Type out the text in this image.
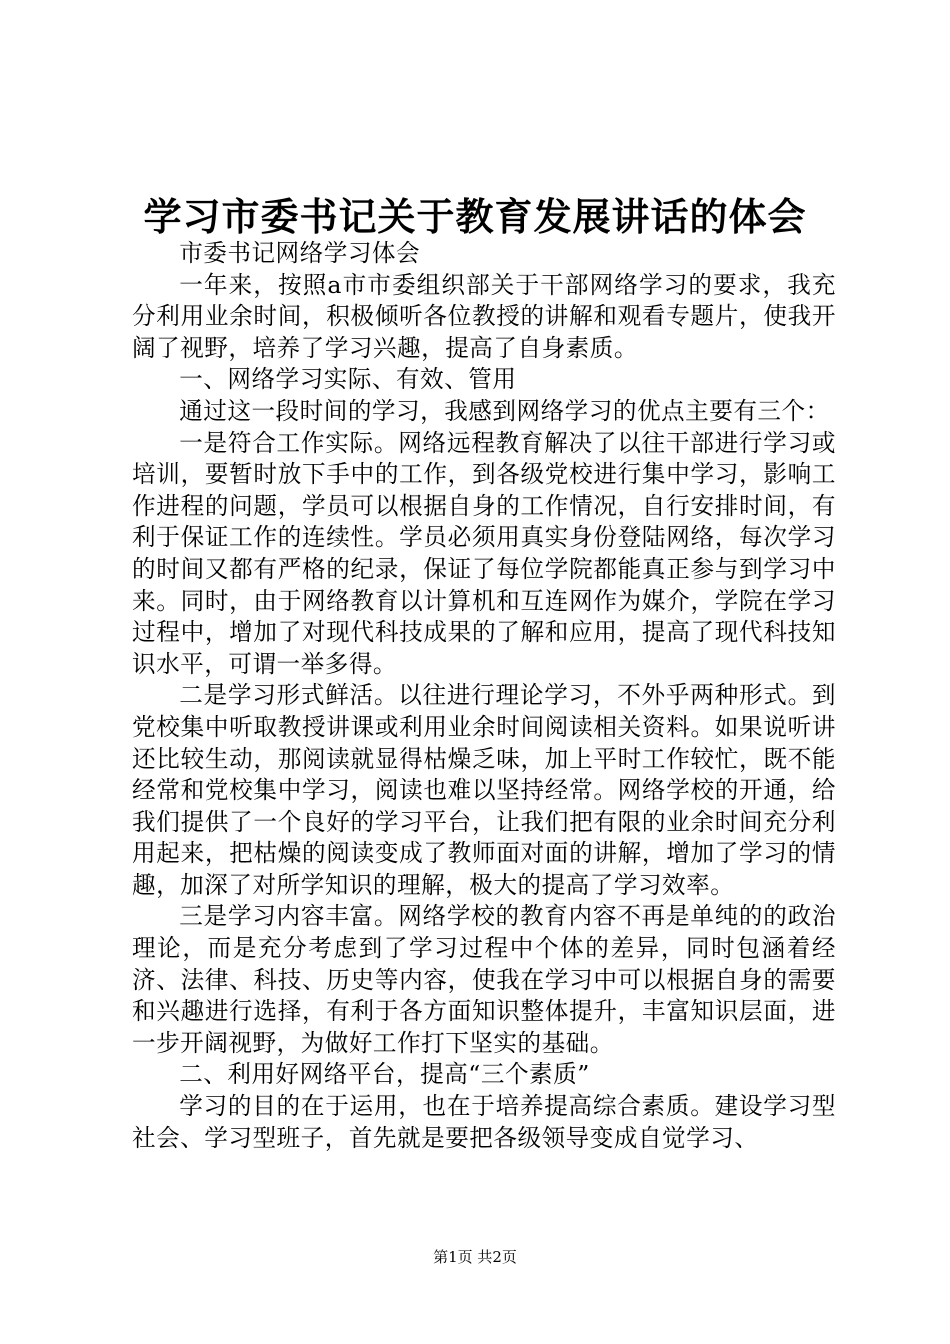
学习市委书记关于教育发展讲话的体会

市委书记网络学习体会

一年来，按照a市市委组织部关于干部网络学习的要求，我充分利用业余时间，积极倾听各位教授的讲解和观看专题片，使我开阔了视野，培养了学习兴趣，提高了自身素质。

一、网络学习实际、有效、管用

通过这一段时间的学习，我感到网络学习的优点主要有三个：

一是符合工作实际。网络远程教育解决了以往干部进行学习或培训，要暂时放下手中的工作，到各级党校进行集中学习，影响工作进程的问题，学员可以根据自身的工作情况，自行安排时间，有利于保证工作的连续性。学员必须用真实身份登陆网络，每次学习的时间又都有严格的纪录，保证了每位学院都能真正参与到学习中来。同时，由于网络教育以计算机和互连网作为媒介，学院在学习过程中，增加了对现代科技成果的了解和应用，提高了现代科技知识水平，可谓一举多得。

二是学习形式鲜活。以往进行理论学习，不外乎两种形式。到党校集中听取教授讲课或利用业余时间阅读相关资料。如果说听讲还比较生动，那阅读就显得枯燥乏味，加上平时工作较忙，既不能经常和党校集中学习，阅读也难以坚持经常。网络学校的开通，给我们提供了一个良好的学习平台，让我们把有限的业余时间充分利用起来，把枯燥的阅读变成了教师面对面的讲解，增加了学习的情趣，加深了对所学知识的理解，极大的提高了学习效率。

三是学习内容丰富。网络学校的教育内容不再是单纯的的政治理论，而是充分考虑到了学习过程中个体的差异，同时包涵着经济、法律、科技、历史等内容，使我在学习中可以根据自身的需要和兴趣进行选择，有利于各方面知识整体提升，丰富知识层面，进一步开阔视野，为做好工作打下坚实的基础。

二、利用好网络平台，提高“三个素质”

学习的目的在于运用，也在于培养提高综合素质。建设学习型社会、学习型班子，首先就是要把各级领导变成自觉学习、

第1页 共2页
